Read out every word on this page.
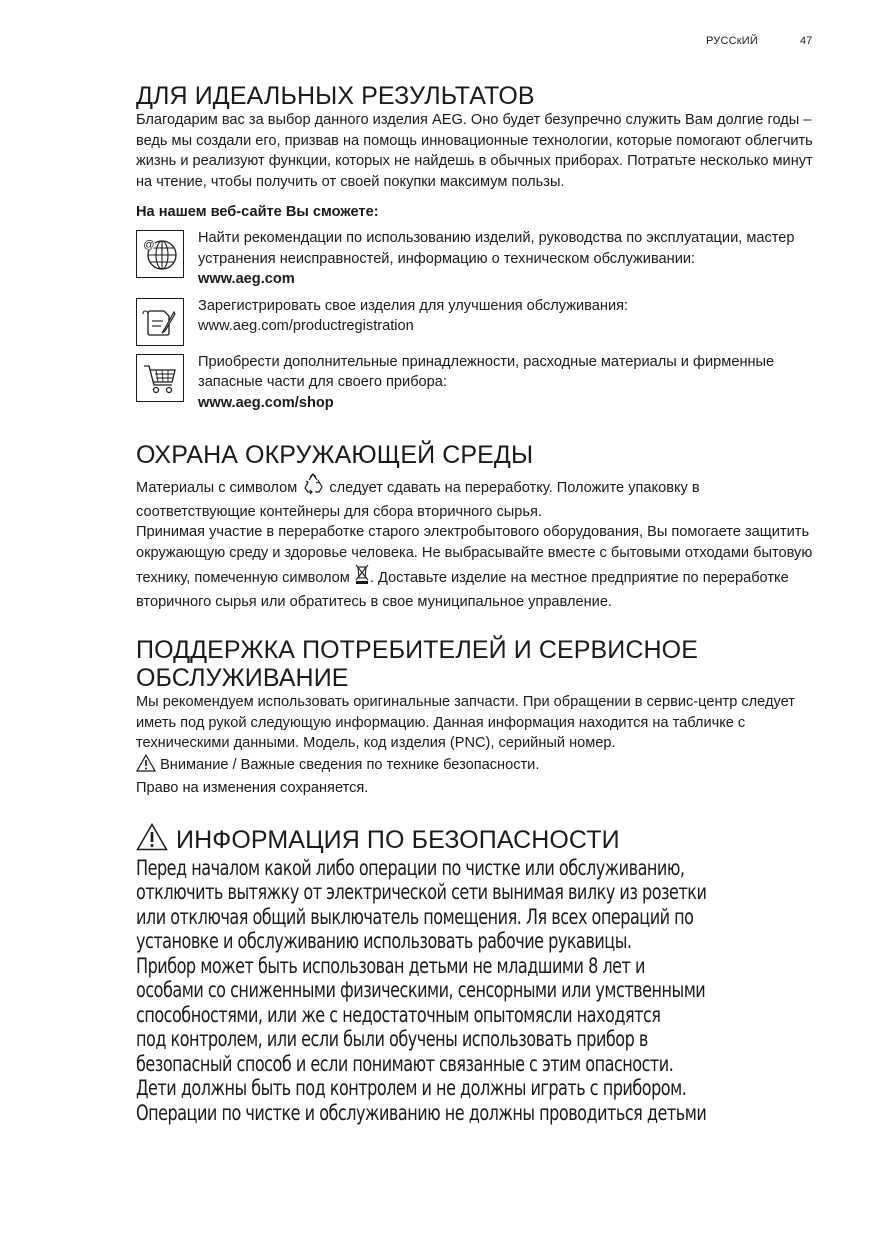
РУССкИЙ	47
ДЛЯ ИДЕАЛЬНЫХ РЕЗУЛЬТАТОВ

Благодарим вас за выбор данного изделия AEG. Оно будет безупречно служить Вам долгие годы – ведь мы создали его, призвав на помощь инновационные технологии, которые помогают облегчить жизнь и реализуют функции, которых не найдешь в обычных приборах. Потратьте несколько минут на чтение, чтобы получить от своей покупки максимум пользы.

На нашем веб-сайте Вы сможете:
@	Найти рекомендации по использованию изделий, руководства по эксплуатации, мастер устранения неисправностей, информацию о техническом обслуживании:

www.aeg.com

Зарегистрировать свое изделия для улучшения обслуживания:

www.aeg.com/productregistration

Приобрести дополнительные принадлежности, расходные материалы и фирменные запасные части для своего прибора:

www.aeg.com/shop

ОХРАНА ОКРУЖАЮЩЕЙ СРЕДЫ

Материалы с символом следует сдавать на переработку. Положите упаковку в соответствующие контейнеры для сбора вторичного сырья.

Принимая участие в переработке старого электробытового оборудования, Вы помогаете защитить окружающую среду и здоровье человека. Не выбрасывайте вместе с бытовыми отходами бытовую технику, помеченную символом . Доставьте изделие на местное предприятие по переработке вторичного сырья или обратитесь в свое муниципальное управление.

ПОДДЕРЖКА ПОТРЕБИТЕЛЕЙ И СЕРВИСНОЕ
ОБСЛУЖИВАНИЕ

Мы рекомендуем использовать оригинальные запчасти. При обращении в сервис-центр следует иметь под рукой следующую информацию. Данная информация находится на табличке с техническими данными. Модель, код изделия (PNC), серийный номер.

Внимание / Важные сведения по технике безопасности.

Право на изменения сохраняется.

ИНФОРМАЦИЯ ПО БЕЗОПАСНОСТИ

Перед началом какой либо операции по чистке или обслуживанию,

отключить вытяжку от электрической сети вынимая вилку из розетки

или отключая общий выключатель помещения. Ля всех операций по

установке и обслуживанию использовать рабочие рукавицы.

Прибор может быть использован детьми не младшими 8 лет и

особами со сниженными физическими, сенсорными или умственными

способностями, или же с недостаточным опытомясли находятся

под контролем, или если были обучены использовать прибор в

безопасный способ и если понимают связанные с этим опасности.

Дети должны быть под контролем и не должны играть с прибором.

Операции по чистке и обслуживанию не должны проводиться детьми
